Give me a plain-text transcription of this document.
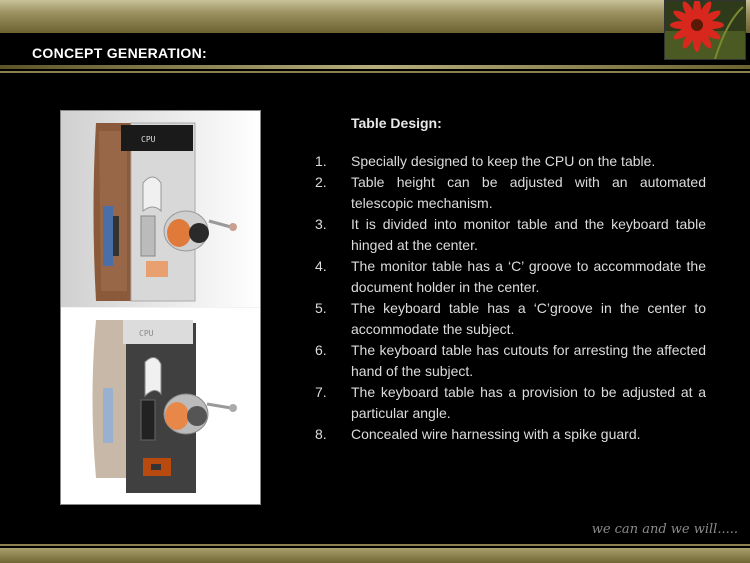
CONCEPT GENERATION:
CPU
CPU
Table Design:
1.	Specially designed to keep the CPU on the table.
2.	Table height can be adjusted with an automated telescopic mechanism.
3.	It is divided into monitor table and the keyboard table hinged at the center.
4.	The monitor table has a ‘C’ groove to accommodate the document holder in the center.
5.	The keyboard table has a ‘C’groove in the center to accommodate the subject.
6.	The keyboard table has cutouts for arresting the affected hand of the subject.
7.	The keyboard table has a provision to be adjusted at a particular angle.
8.	Concealed wire harnessing with a spike guard.
we can and we will.....
